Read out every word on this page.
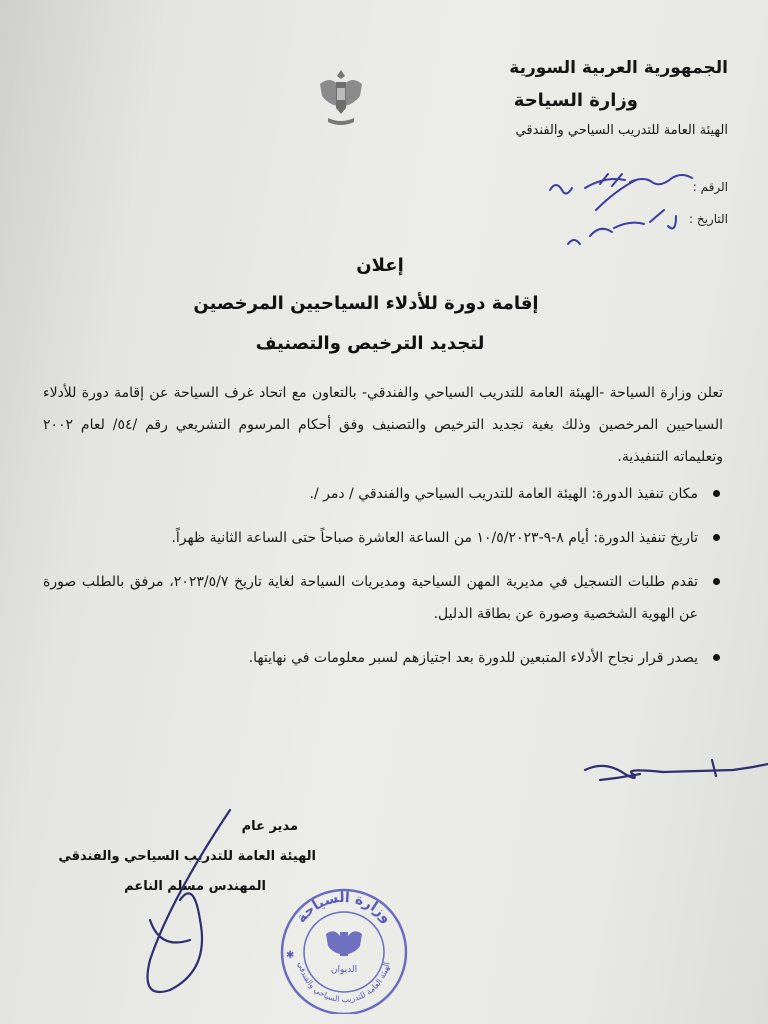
الجمهورية العربية السورية
وزارة السياحة
الهيئة العامة للتدريب السياحي والفندقي
الرقم :
التاريخ :
إعلان
إقامة دورة للأدلاء السياحيين المرخصين
لتجديد الترخيص والتصنيف
تعلن وزارة السياحة -الهيئة العامة للتدريب السياحي والفندقي- بالتعاون مع اتحاد غرف السياحة عن إقامة دورة للأدلاء السياحيين المرخصين وذلك بغية تجديد الترخيص والتصنيف وفق أحكام المرسوم التشريعي رقم /٥٤/ لعام ٢٠٠٢ وتعليماته التنفيذية.
مكان تنفيذ الدورة: الهيئة العامة للتدريب السياحي والفندقي / دمر /.
تاريخ تنفيذ الدورة: أيام ٨-٩-١٠/٥/٢٠٢٣ من الساعة العاشرة صباحاً حتى الساعة الثانية ظهراً.
تقدم طلبات التسجيل في مديرية المهن السياحية ومديريات السياحة لغاية تاريخ ٢٠٢٣/٥/٧، مرفق بالطلب صورة عن الهوية الشخصية وصورة عن بطاقة الدليل.
يصدر قرار نجاح الأدلاء المتبعين للدورة بعد اجتيازهم لسبر معلومات في نهايتها.
مدير عام
الهيئة العامة للتدريب السياحي والفندقي
المهندس مسلم الناعم
وزارة السياحة
الهيئة العامة للتدريب السياحي والفندقي
الديوان
✱
